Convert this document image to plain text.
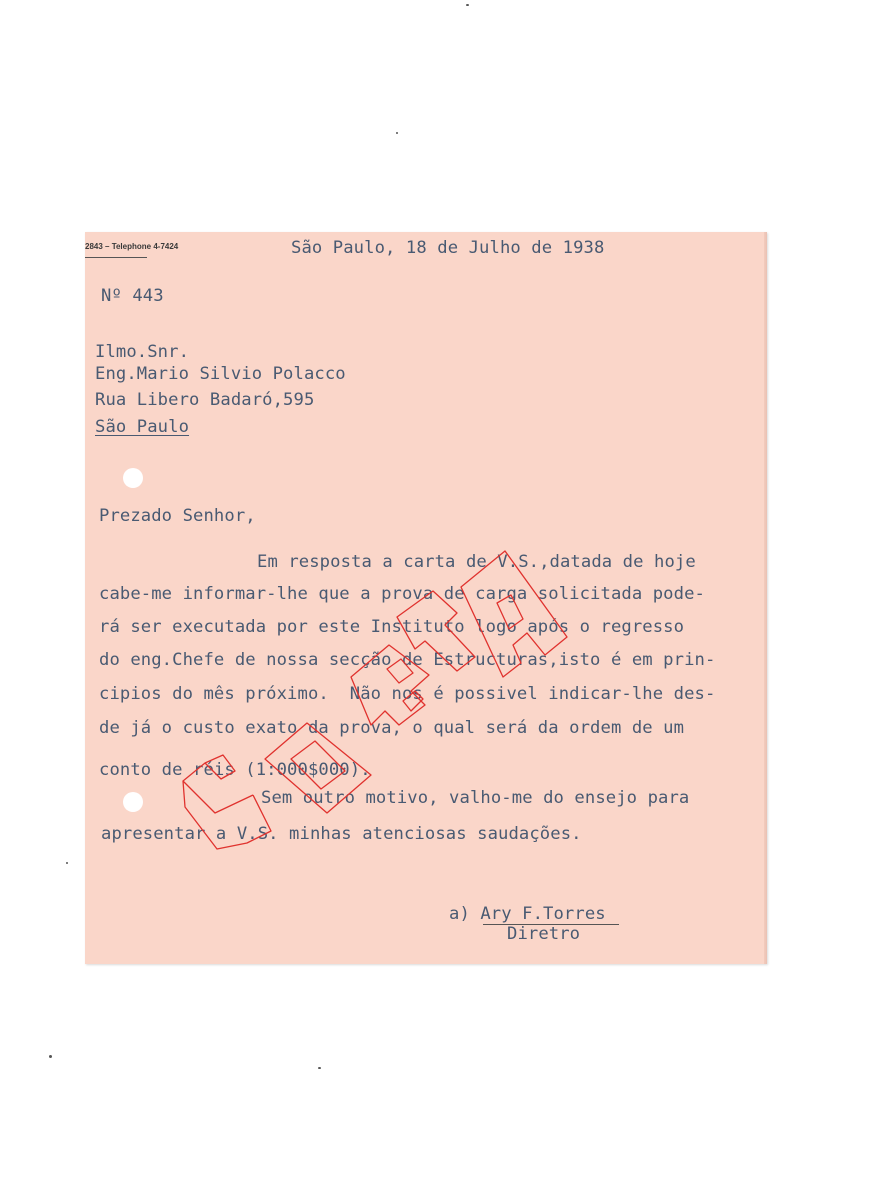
2843 – Telephone 4-7424	São Paulo, 18 de Julho de 1938
Nº 443
Ilmo.Snr.
Eng.Mario Silvio Polacco
Rua Libero Badaró,595
São Paulo
Prezado Senhor,
Em resposta a carta de V.S.,datada de hoje
cabe-me informar-lhe que a prova de carga solicitada pode-
rá ser executada por este Instituto logo após o regresso
do eng.Chefe de nossa secção de Estructuras,isto é em prin-
cipios do mês próximo.  Não nos é possivel indicar-lhe des-
de já o custo exato da prova, o qual será da ordem de um
conto de réis (1:000$000).
Sem outro motivo, valho-me do ensejo para
apresentar a V.S. minhas atenciosas saudações.
a) Ary F.Torres
Diretro
